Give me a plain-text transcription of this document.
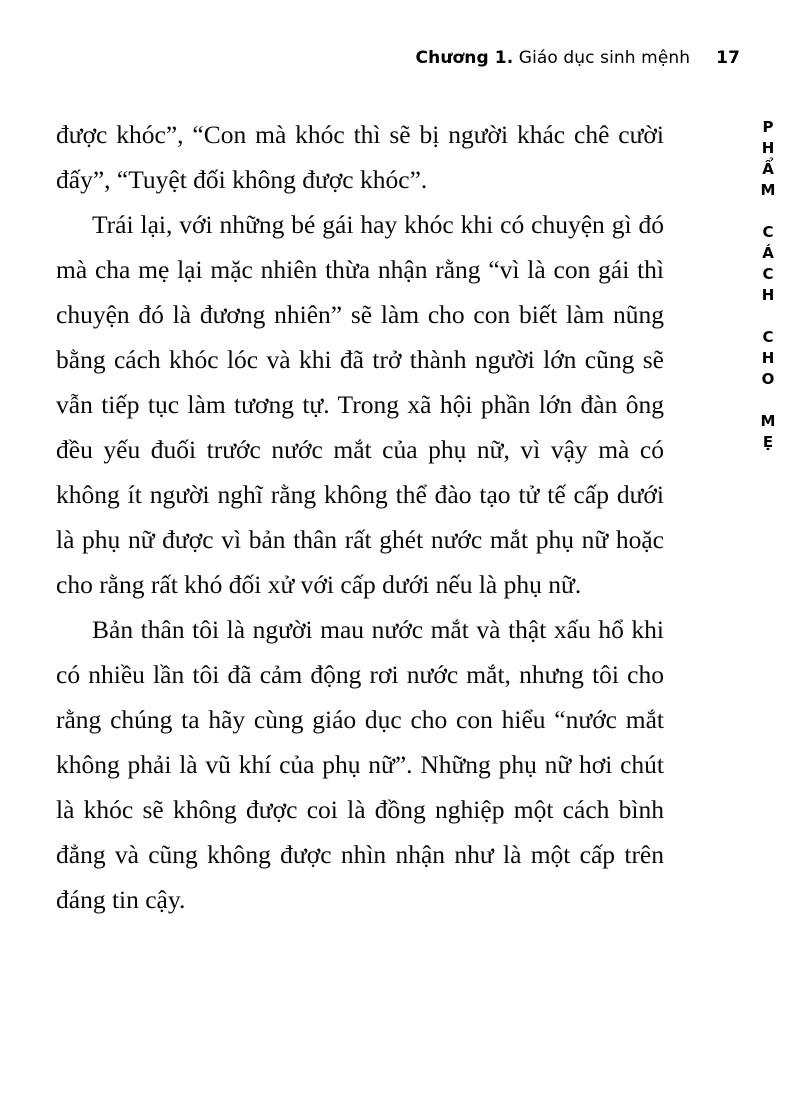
Chương 1. Giáo dục sinh mệnh 17
PHẨM CÁCH CHO MẸ

được khóc”, “Con mà khóc thì sẽ bị người khác chê cười đấy”, “Tuyệt đối không được khóc”.

Trái lại, với những bé gái hay khóc khi có chuyện gì đó mà cha mẹ lại mặc nhiên thừa nhận rằng “vì là con gái thì chuyện đó là đương nhiên” sẽ làm cho con biết làm nũng bằng cách khóc lóc và khi đã trở thành người lớn cũng sẽ vẫn tiếp tục làm tương tự. Trong xã hội phần lớn đàn ông đều yếu đuối trước nước mắt của phụ nữ, vì vậy mà có không ít người nghĩ rằng không thể đào tạo tử tế cấp dưới là phụ nữ được vì bản thân rất ghét nước mắt phụ nữ hoặc cho rằng rất khó đối xử với cấp dưới nếu là phụ nữ.

Bản thân tôi là người mau nước mắt và thật xấu hổ khi có nhiều lần tôi đã cảm động rơi nước mắt, nhưng tôi cho rằng chúng ta hãy cùng giáo dục cho con hiểu “nước mắt không phải là vũ khí của phụ nữ”. Những phụ nữ hơi chút là khóc sẽ không được coi là đồng nghiệp một cách bình đẳng và cũng không được nhìn nhận như là một cấp trên đáng tin cậy.
